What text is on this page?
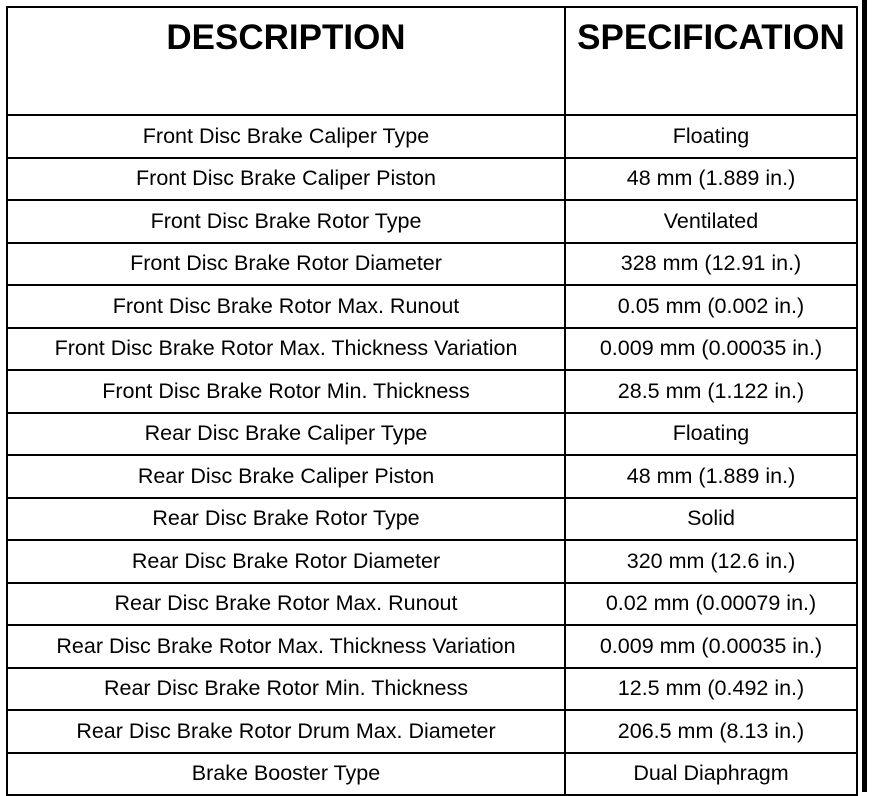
DESCRIPTION	SPECIFICATION
Front Disc Brake Caliper Type	Floating
Front Disc Brake Caliper Piston	48 mm (1.889 in.)
Front Disc Brake Rotor Type	Ventilated
Front Disc Brake Rotor Diameter	328 mm (12.91 in.)
Front Disc Brake Rotor Max. Runout	0.05 mm (0.002 in.)
Front Disc Brake Rotor Max. Thickness Variation	0.009 mm (0.00035 in.)
Front Disc Brake Rotor Min. Thickness	28.5 mm (1.122 in.)
Rear Disc Brake Caliper Type	Floating
Rear Disc Brake Caliper Piston	48 mm (1.889 in.)
Rear Disc Brake Rotor Type	Solid
Rear Disc Brake Rotor Diameter	320 mm (12.6 in.)
Rear Disc Brake Rotor Max. Runout	0.02 mm (0.00079 in.)
Rear Disc Brake Rotor Max. Thickness Variation	0.009 mm (0.00035 in.)
Rear Disc Brake Rotor Min. Thickness	12.5 mm (0.492 in.)
Rear Disc Brake Rotor Drum Max. Diameter	206.5 mm (8.13 in.)
Brake Booster Type	Dual Diaphragm
